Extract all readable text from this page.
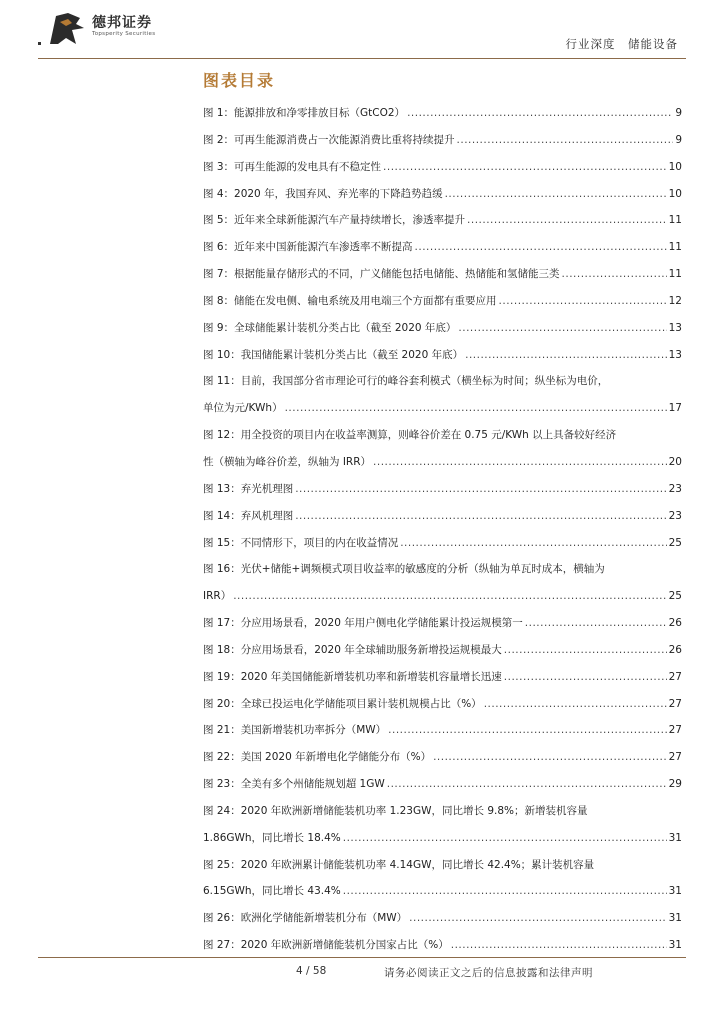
德邦证券
Topsperity Securities
行业深度　储能设备
图表目录
图 1：能源排放和净零排放目标（GtCO2） .....	9
图 2：可再生能源消费占一次能源消费比重将持续提升 .....	9
图 3：可再生能源的发电具有不稳定性 .....	10
图 4：2020 年，我国弃风、弃光率的下降趋势趋缓 .....	10
图 5：近年来全球新能源汽车产量持续增长，渗透率提升 .....	11
图 6：近年来中国新能源汽车渗透率不断提高 .....	11
图 7：根据能量存储形式的不同，广义储能包括电储能、热储能和氢储能三类 .....	11
图 8：储能在发电侧、输电系统及用电端三个方面都有重要应用 .....	12
图 9：全球储能累计装机分类占比（截至 2020 年底） .....	13
图 10：我国储能累计装机分类占比（截至 2020 年底） .....	13
图 11：目前，我国部分省市理论可行的峰谷套利模式（横坐标为时间；纵坐标为电价，
单位为元/KWh） .....	17
图 12：用全投资的项目内在收益率测算，则峰谷价差在 0.75 元/KWh 以上具备较好经济
性（横轴为峰谷价差，纵轴为 IRR） .....	20
图 13：弃光机理图 .....	23
图 14：弃风机理图 .....	23
图 15：不同情形下，项目的内在收益情况 .....	25
图 16：光伏+储能+调频模式项目收益率的敏感度的分析（纵轴为单瓦时成本，横轴为
IRR） .....	25
图 17：分应用场景看，2020 年用户侧电化学储能累计投运规模第一 .....	26
图 18：分应用场景看，2020 年全球辅助服务新增投运规模最大 .....	26
图 19：2020 年美国储能新增装机功率和新增装机容量增长迅速 .....	27
图 20：全球已投运电化学储能项目累计装机规模占比（%） .....	27
图 21：美国新增装机功率拆分（MW） .....	27
图 22：美国 2020 年新增电化学储能分布（%） .....	27
图 23：全美有多个州储能规划超 1GW .....	29
图 24：2020 年欧洲新增储能装机功率 1.23GW，同比增长 9.8%；新增装机容量
1.86GWh，同比增长 18.4% .....	31
图 25：2020 年欧洲累计储能装机功率 4.14GW，同比增长 42.4%；累计装机容量
6.15GWh，同比增长 43.4% .....	31
图 26：欧洲化学储能新增装机分布（MW） .....	31
图 27：2020 年欧洲新增储能装机分国家占比（%） .....	31
4 / 58	请务必阅读正文之后的信息披露和法律声明
